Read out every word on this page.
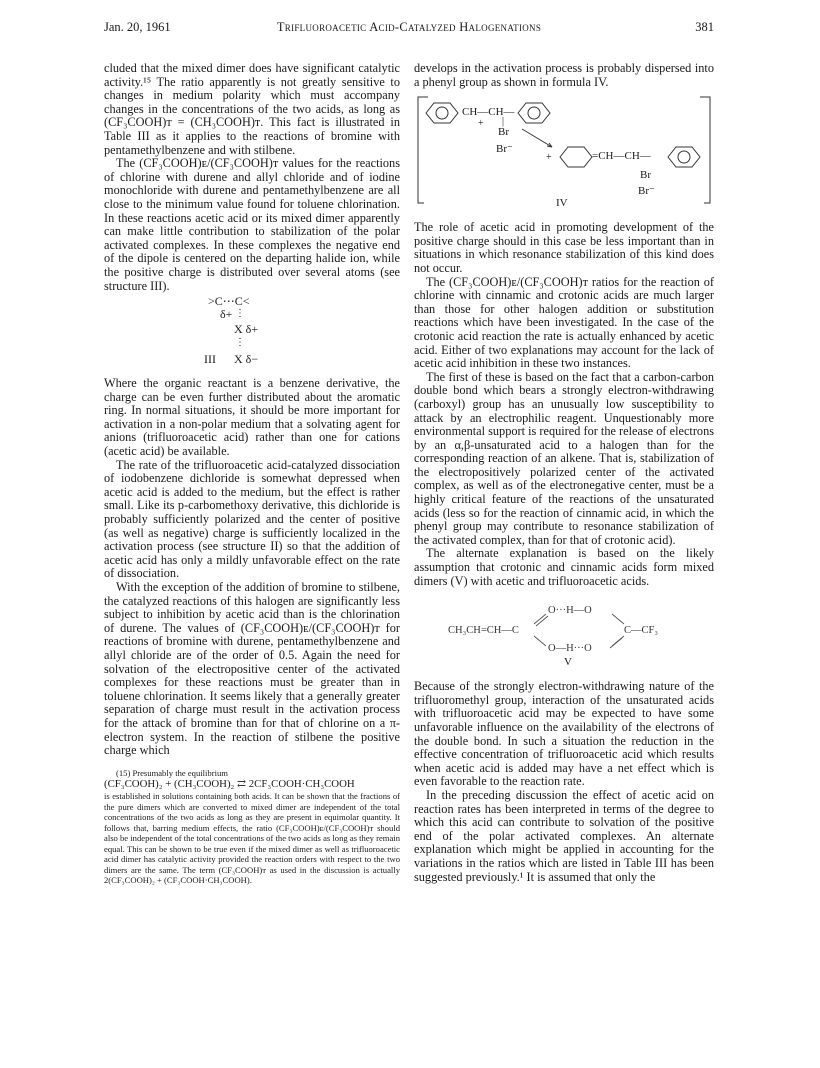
Jan. 20, 1961	Trifluoroacetic Acid-Catalyzed Halogenations	381

cluded that the mixed dimer does have significant catalytic activity.¹⁵ The ratio apparently is not greatly sensitive to changes in medium polarity which must accompany changes in the concentrations of the two acids, as long as (CF₃COOH)ᴛ = (CH₃COOH)ᴛ. This fact is illustrated in Table III as it applies to the reactions of bromine with pentamethylbenzene and with stilbene.

The (CF₃COOH)ᴇ/(CF₃COOH)ᴛ values for the reactions of chlorine with durene and allyl chloride and of iodine monochloride with durene and pentamethylbenzene are all close to the minimum value found for toluene chlorination. In these reactions acetic acid or its mixed dimer apparently can make little contribution to stabilization of the polar activated complexes. In these complexes the negative end of the dipole is centered on the departing halide ion, while the positive charge is distributed over several atoms (see structure III).

>C⋯C<
δ+ ⋮
X δ+
⋮
III X δ−

Where the organic reactant is a benzene derivative, the charge can be even further distributed about the aromatic ring. In normal situations, it should be more important for activation in a non-polar medium that a solvating agent for anions (trifluoroacetic acid) rather than one for cations (acetic acid) be available.

The rate of the trifluoroacetic acid-catalyzed dissociation of iodobenzene dichloride is somewhat depressed when acetic acid is added to the medium, but the effect is rather small. Like its p-carbomethoxy derivative, this dichloride is probably sufficiently polarized and the center of positive (as well as negative) charge is sufficiently localized in the activation process (see structure II) so that the addition of acetic acid has only a mildly unfavorable effect on the rate of dissociation.

With the exception of the addition of bromine to stilbene, the catalyzed reactions of this halogen are significantly less subject to inhibition by acetic acid than is the chlorination of durene. The values of (CF₃COOH)ᴇ/(CF₃COOH)ᴛ for reactions of bromine with durene, pentamethylbenzene and allyl chloride are of the order of 0.5. Again the need for solvation of the electropositive center of the activated complexes for these reactions must be greater than in toluene chlorination. It seems likely that a generally greater separation of charge must result in the activation process for the attack of bromine than for that of chlorine on a π-electron system. In the reaction of stilbene the positive charge which

(15) Presumably the equilibrium
(CF₃COOH)₂ + (CH₃COOH)₂ ⇄ 2CF₃COOH·CH₃COOH
is established in solutions containing both acids. It can be shown that the fractions of the pure dimers which are converted to mixed dimer are independent of the total concentrations of the two acids as long as they are present in equimolar quantity. It follows that, barring medium effects, the ratio (CF₃COOH)ᴇ/(CF₃COOH)ᴛ should also be independent of the total concentrations of the two acids as long as they remain equal. This can be shown to be true even if the mixed dimer as well as trifluoroacetic acid dimer has catalytic activity provided the reaction orders with respect to the two dimers are the same. The term (CF₃COOH)ᴛ as used in the discussion is actually 2(CF₃COOH)₂ + (CF₃COOH·CH₃COOH).

develops in the activation process is probably dispersed into a phenyl group as shown in formula IV.

CH—CH—
+ |
Br
Br⁻
+	=CH—CH—
Br
Br⁻
IV

The role of acetic acid in promoting development of the positive charge should in this case be less important than in situations in which resonance stabilization of this kind does not occur.

The (CF₃COOH)ᴇ/(CF₃COOH)ᴛ ratios for the reaction of chlorine with cinnamic and crotonic acids are much larger than those for other halogen addition or substitution reactions which have been investigated. In the case of the crotonic acid reaction the rate is actually enhanced by acetic acid. Either of two explanations may account for the lack of acetic acid inhibition in these two instances.

The first of these is based on the fact that a carbon-carbon double bond which bears a strongly electron-withdrawing (carboxyl) group has an unusually low susceptibility to attack by an electrophilic reagent. Unquestionably more environmental support is required for the release of electrons by an α,β-unsaturated acid to a halogen than for the corresponding reaction of an alkene. That is, stabilization of the electropositively polarized center of the activated complex, as well as of the electronegative center, must be a highly critical feature of the reactions of the unsaturated acids (less so for the reaction of cinnamic acid, in which the phenyl group may contribute to resonance stabilization of the activated complex, than for that of crotonic acid).

The alternate explanation is based on the likely assumption that crotonic and cinnamic acids form mixed dimers (V) with acetic and trifluoroacetic acids.

CH₃CH=CH—C
O···H—O
O—H···O
C—CF₃
V

Because of the strongly electron-withdrawing nature of the trifluoromethyl group, interaction of the unsaturated acids with trifluoroacetic acid may be expected to have some unfavorable influence on the availability of the electrons of the double bond. In such a situation the reduction in the effective concentration of trifluoroacetic acid which results when acetic acid is added may have a net effect which is even favorable to the reaction rate.

In the preceding discussion the effect of acetic acid on reaction rates has been interpreted in terms of the degree to which this acid can contribute to solvation of the positive end of the polar activated complexes. An alternate explanation which might be applied in accounting for the variations in the ratios which are listed in Table III has been suggested previously.¹ It is assumed that only the
